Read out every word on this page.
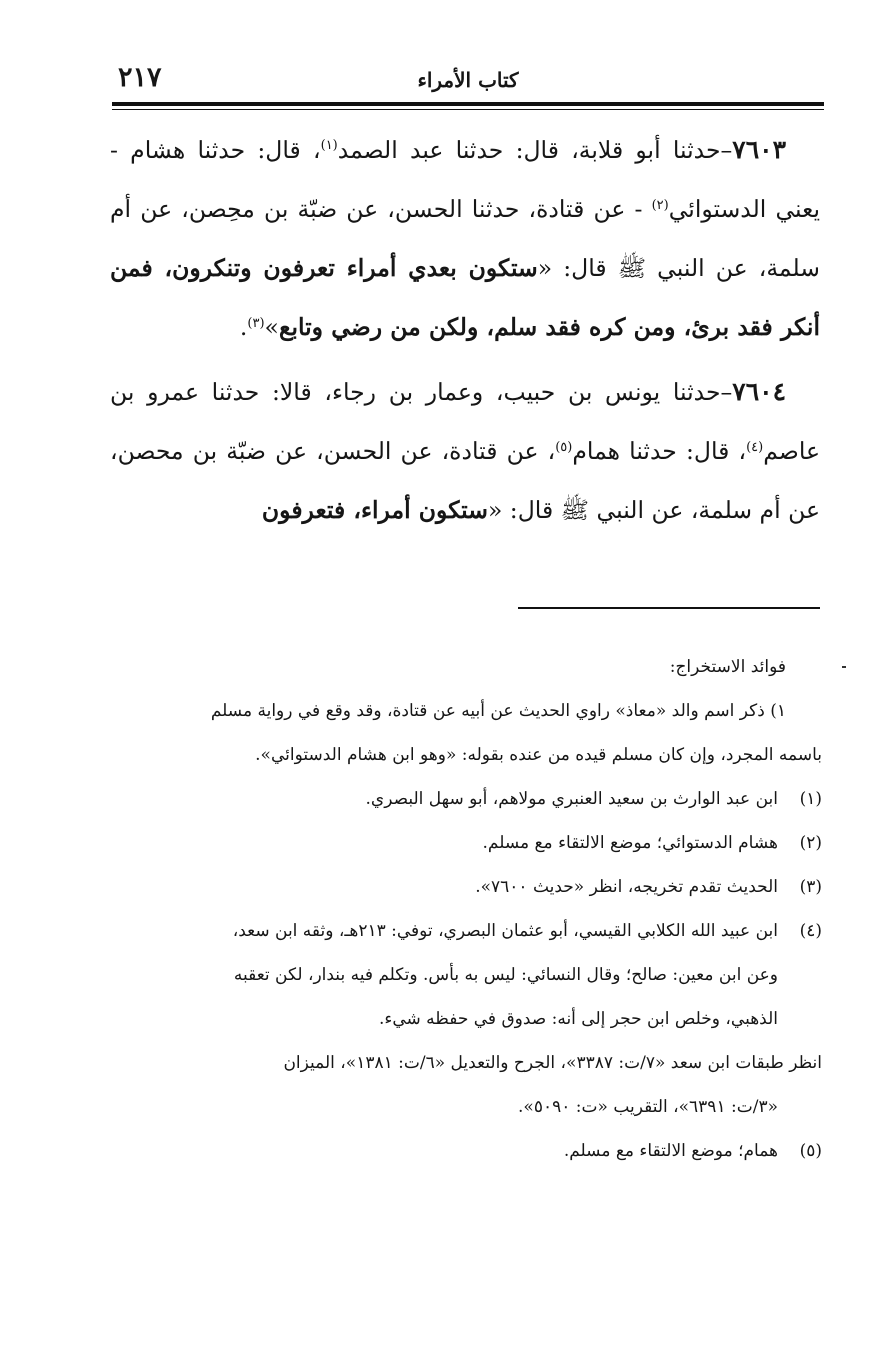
٢١٧	كتاب الأمراء

٧٦٠٣–حدثنا أبو قلابة، قال: حدثنا عبد الصمد$^{(١)}$، قال: حدثنا هشام - يعني الدستوائي$^{(٢)}$ - عن قتادة، حدثنا الحسن، عن ضبّة بن محِصن، عن أم سلمة، عن النبي ﷺ قال: «ستكون بعدي أمراء تعرفون وتنكرون، فمن أنكر فقد برئ، ومن كره فقد سلم، ولكن من رضي وتابع»$^{(٣)}$.

٧٦٠٤–حدثنا يونس بن حبيب، وعمار بن رجاء، قالا: حدثنا عمرو بن عاصم$^{(٤)}$، قال: حدثنا همام$^{(٥)}$، عن قتادة، عن الحسن، عن ضبّة بن محصن، عن أم سلمة، عن النبي ﷺ قال: «ستكون أمراء، فتعرفون

فوائد الاستخراج:

١) ذكر اسم والد «معاذ» راوي الحديث عن أبيه عن قتادة، وقد وقع في رواية مسلم

باسمه المجرد، وإن كان مسلم قيده من عنده بقوله: «وهو ابن هشام الدستوائي».

(١)

ابن عبد الوارث بن سعيد العنبري مولاهم، أبو سهل البصري.

(٢)

هشام الدستوائي؛ موضع الالتقاء مع مسلم.

(٣)

الحديث تقدم تخريجه، انظر «حديث ٧٦٠٠».

(٤)

ابن عبيد الله الكلابي القيسي، أبو عثمان البصري، توفي: ٢١٣هـ، وثقه ابن سعد،

وعن ابن معين: صالح؛ وقال النسائي: ليس به بأس. وتكلم فيه بندار، لكن تعقبه

الذهبي، وخلص ابن حجر إلى أنه: صدوق في حفظه شيء.

انظر طبقات ابن سعد «٧/ت: ٣٣٨٧»، الجرح والتعديل «٦/ت: ١٣٨١»، الميزان

«٣/ت: ٦٣٩١»، التقريب «ت: ٥٠٩٠».

(٥)

همام؛ موضع الالتقاء مع مسلم.
